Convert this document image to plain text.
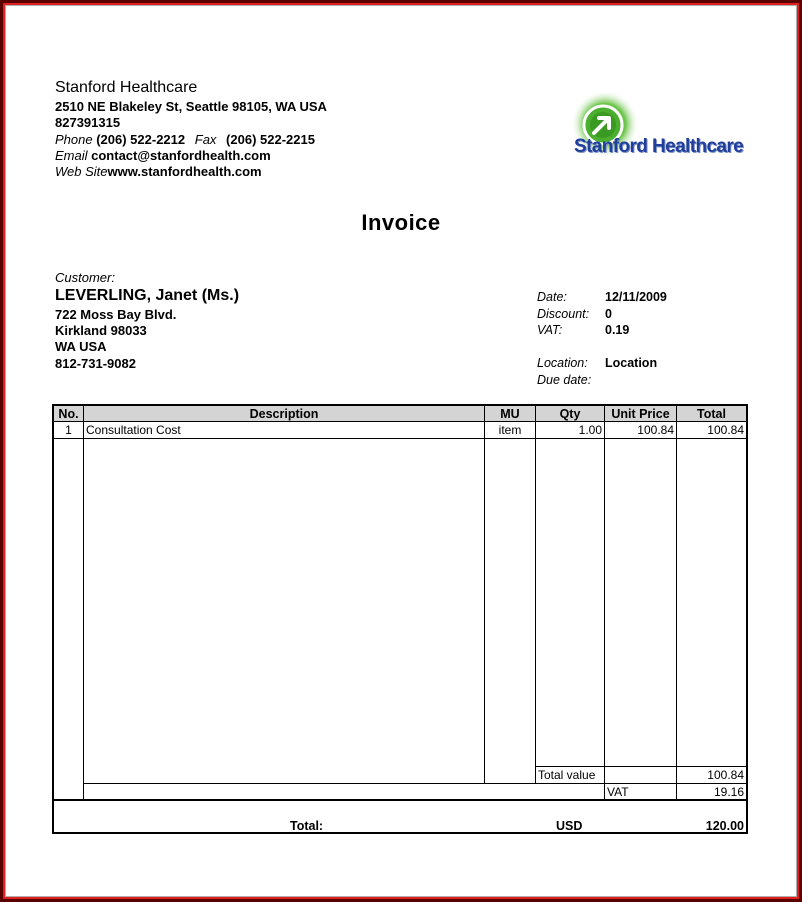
Stanford Healthcare
2510 NE Blakeley St, Seattle 98105, WA USA
827391315
Phone (206) 522-2212 Fax (206) 522-2215
Email contact@stanfordhealth.com
Web Sitewww.stanfordhealth.com
Stanford Healthcare
Invoice
Customer:
LEVERLING, Janet (Ms.)
722 Moss Bay Blvd.
Kirkland 98033
WA USA
812-731-9082
Date:	12/11/2009
Discount: 0
VAT:	0.19
Location: Location
Due date:
No.	Description	MU	Qty	Unit Price	Total
1	Consultation Cost	item	1.00	100.84	100.84
Total value	100.84
VAT	19.16
Total:	USD	120.00
